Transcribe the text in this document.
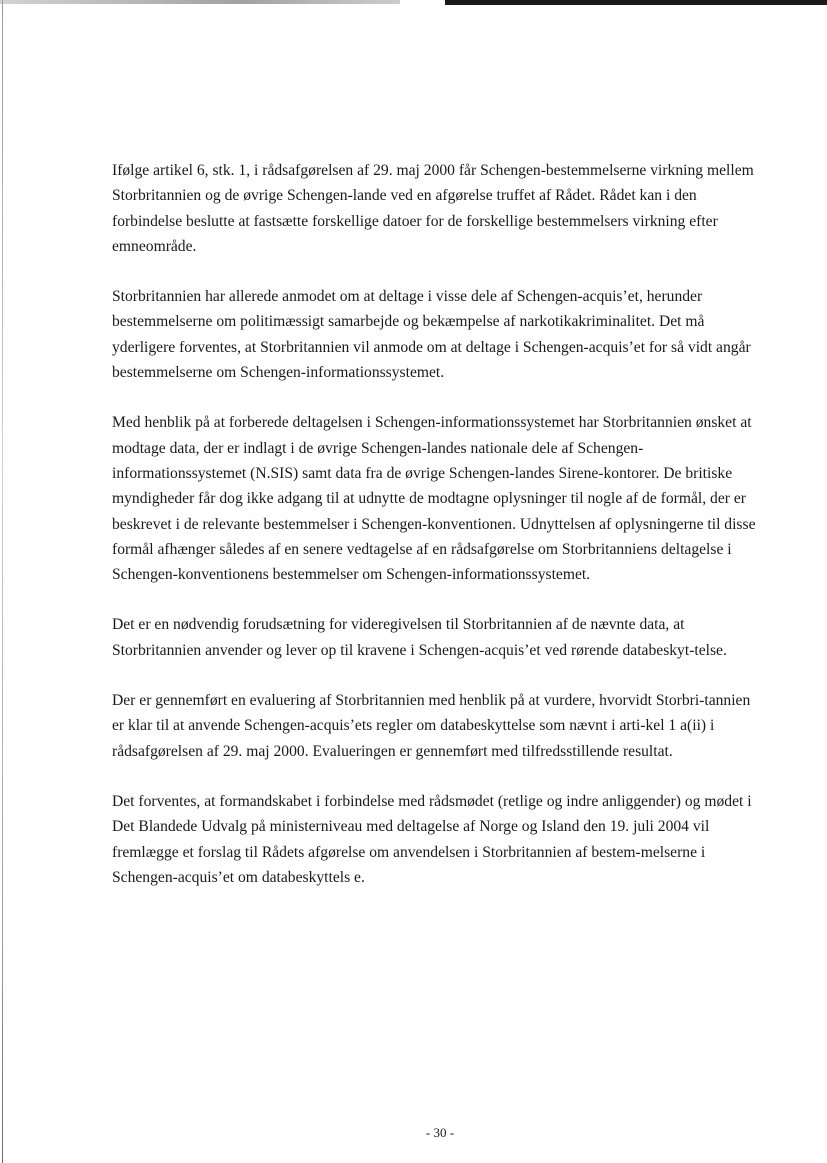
Ifølge artikel 6, stk. 1, i rådsafgørelsen af 29. maj 2000 får Schengen-bestemmelserne virkning mellem Storbritannien og de øvrige Schengen-lande ved en afgørelse truffet af Rådet. Rådet kan i den forbindelse beslutte at fastsætte forskellige datoer for de forskellige bestemmelsers virkning efter emneområde.

Storbritannien har allerede anmodet om at deltage i visse dele af Schengen-acquis’et, herunder bestemmelserne om politimæssigt samarbejde og bekæmpelse af narkotikakriminalitet. Det må yderligere forventes, at Storbritannien vil anmode om at deltage i Schengen-acquis’et for så vidt angår bestemmelserne om Schengen-informationssystemet.

Med henblik på at forberede deltagelsen i Schengen-informationssystemet har Storbritannien ønsket at modtage data, der er indlagt i de øvrige Schengen-landes nationale dele af Schengen-informationssystemet (N.SIS) samt data fra de øvrige Schengen-landes Sirene-kontorer. De britiske myndigheder får dog ikke adgang til at udnytte de modtagne oplysninger til nogle af de formål, der er beskrevet i de relevante bestemmelser i Schengen-konventionen. Udnyttelsen af oplysningerne til disse formål afhænger således af en senere vedtagelse af en rådsafgørelse om Storbritanniens deltagelse i Schengen-konventionens bestemmelser om Schengen-informationssystemet.

Det er en nødvendig forudsætning for videregivelsen til Storbritannien af de nævnte data, at Storbritannien anvender og lever op til kravene i Schengen-acquis’et ved rørende databeskyt-telse.

Der er gennemført en evaluering af Storbritannien med henblik på at vurdere, hvorvidt Storbri-tannien er klar til at anvende Schengen-acquis’ets regler om databeskyttelse som nævnt i arti-kel 1 a(ii) i rådsafgørelsen af 29. maj 2000. Evalueringen er gennemført med tilfredsstillende resultat.

Det forventes, at formandskabet i forbindelse med rådsmødet (retlige og indre anliggender) og mødet i Det Blandede Udvalg på ministerniveau med deltagelse af Norge og Island den 19. juli 2004 vil fremlægge et forslag til Rådets afgørelse om anvendelsen i Storbritannien af bestem-melserne i Schengen-acquis’et om databeskyttels e.

- 30 -
